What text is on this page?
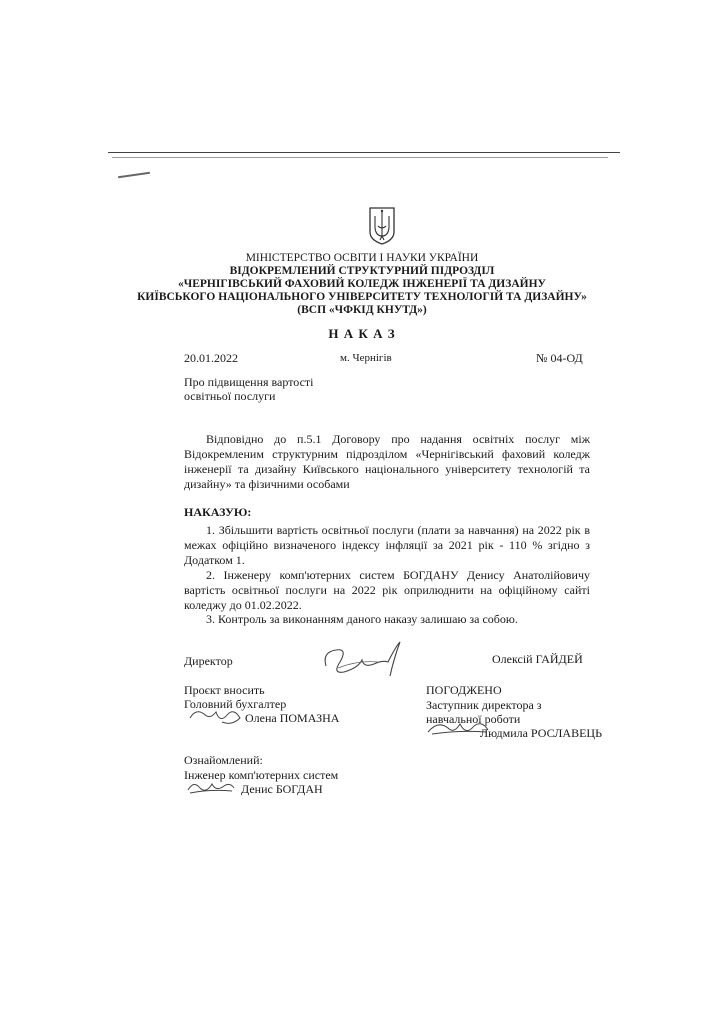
МІНІСТЕРСТВО ОСВІТИ І НАУКИ УКРАЇНИ
ВІДОКРЕМЛЕНИЙ СТРУКТУРНИЙ ПІДРОЗДІЛ
«ЧЕРНІГІВСЬКИЙ ФАХОВИЙ КОЛЕДЖ ІНЖЕНЕРІЇ ТА ДИЗАЙНУ
КИЇВСЬКОГО НАЦІОНАЛЬНОГО УНІВЕРСИТЕТУ ТЕХНОЛОГІЙ ТА ДИЗАЙНУ»
(ВСП «ЧФКІД КНУТД»)
Н А К А З
20.01.2022	м. Чернігів	№ 04-ОД
Про підвищення вартості
освітньої послуги
Відповідно до п.5.1 Договору про надання освітніх послуг між Відокремленим структурним підрозділом «Чернігівський фаховий коледж інженерії та дизайну Київського національного університету технологій та дизайну» та фізичними особами
НАКАЗУЮ:
1. Збільшити вартість освітньої послуги (плати за навчання) на 2022 рік в межах офіційно визначеного індексу інфляції за 2021 рік - 110 % згідно з Додатком 1.
2. Інженеру комп'ютерних систем БОГДАНУ Денису Анатолійовичу вартість освітньої послуги на 2022 рік оприлюднити на офіційному сайті коледжу до 01.02.2022.
3. Контроль за виконанням даного наказу залишаю за собою.
Директор	Олексій ГАЙДЕЙ
Проєкт вносить
Головний бухгалтер
Олена ПОМАЗНА
ПОГОДЖЕНО
Заступник директора з
навчальної роботи
Людмила РОСЛАВЕЦЬ
Ознайомлений:
Інженер комп'ютерних систем
Денис БОГДАН
